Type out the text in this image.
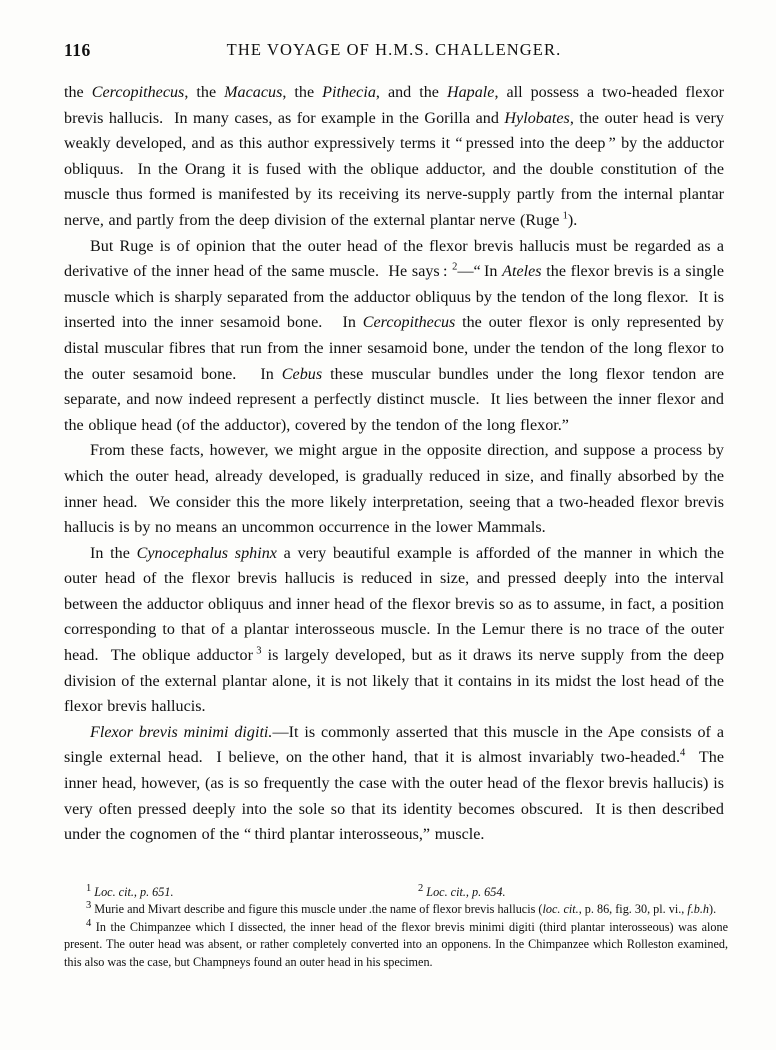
116	THE VOYAGE OF H.M.S. CHALLENGER.

the Cercopithecus, the Macacus, the Pithecia, and the Hapale, all possess a two-headed flexor brevis hallucis.  In many cases, as for example in the Gorilla and Hylobates, the outer head is very weakly developed, and as this author expressively terms it “ pressed into the deep ” by the adductor obliquus.  In the Orang it is fused with the oblique adductor, and the double constitution of the muscle thus formed is manifested by its receiving its nerve-supply partly from the internal plantar nerve, and partly from the deep division of the external plantar nerve (Ruge $^1$).

But Ruge is of opinion that the outer head of the flexor brevis hallucis must be regarded as a derivative of the inner head of the same muscle.  He says : $^2$—“ In Ateles the flexor brevis is a single muscle which is sharply separated from the adductor obliquus by the tendon of the long flexor.  It is inserted into the inner sesamoid bone.   In Cercopithecus the outer flexor is only represented by distal muscular fibres that run from the inner sesamoid bone, under the tendon of the long flexor to the outer sesamoid bone.   In Cebus these muscular bundles under the long flexor tendon are separate, and now indeed represent a perfectly distinct muscle.  It lies between the inner flexor and the oblique head (of the adductor), covered by the tendon of the long flexor.”

From these facts, however, we might argue in the opposite direction, and suppose a process by which the outer head, already developed, is gradually reduced in size, and finally absorbed by the inner head.  We consider this the more likely interpretation, seeing that a two-headed flexor brevis hallucis is by no means an uncommon occurrence in the lower Mammals.

In the Cynocephalus sphinx a very beautiful example is afforded of the manner in which the outer head of the flexor brevis hallucis is reduced in size, and pressed deeply into the interval between the adductor obliquus and inner head of the flexor brevis so as to assume, in fact, a position corresponding to that of a plantar interosseous muscle. In the Lemur there is no trace of the outer head.  The oblique adductor $^3$ is largely developed, but as it draws its nerve supply from the deep division of the external plantar alone, it is not likely that it contains in its midst the lost head of the flexor brevis hallucis.

Flexor brevis minimi digiti.—It is commonly asserted that this muscle in the Ape consists of a single external head.  I believe, on the other hand, that it is almost invariably two-headed.$^4$  The inner head, however, (as is so frequently the case with the outer head of the flexor brevis hallucis) is very often pressed deeply into the sole so that its identity becomes obscured.  It is then described under the cognomen of the “ third plantar interosseous,” muscle.

$^1$ Loc. cit., p. 651.	$^2$ Loc. cit., p. 654.

$^3$ Murie and Mivart describe and figure this muscle under .the name of flexor brevis hallucis (loc. cit., p. 86, fig. 30, pl. vi., f.b.h).

$^4$ In the Chimpanzee which I dissected, the inner head of the flexor brevis minimi digiti (third plantar interosseous) was alone present. The outer head was absent, or rather completely converted into an opponens. In the Chimpanzee which Rolleston examined, this also was the case, but Champneys found an outer head in his specimen.
